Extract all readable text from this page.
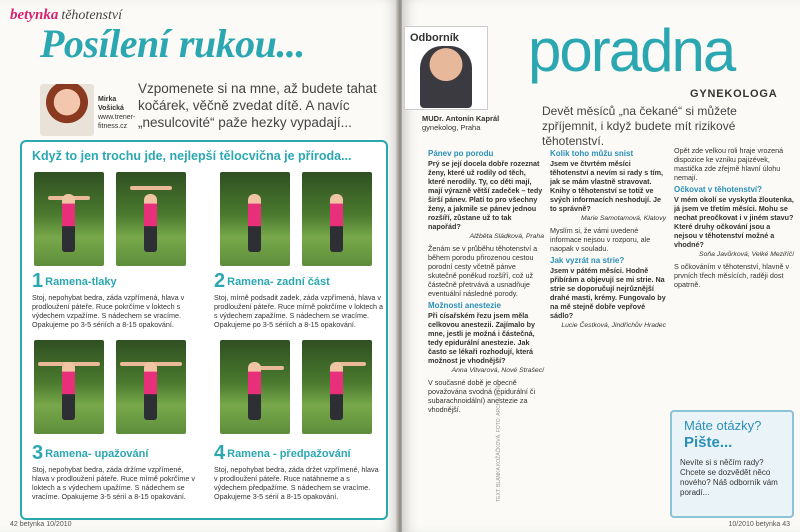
betynka těhotenství
Posílení rukou...
Mirka Vošická
www.trener-fitness.cz
Vzpomenete si na mne, až budete tahat kočárek, věčně zvedat dítě. A navíc „nesulcovité“ paže hezky vypadají...
Když to jen trochu jde, nejlepší tělocvičnа je příroda...
1 Ramena-tlaky
Stoj, nepohybat bedra, záda vzpřímená, hlava v prodloužení páteře. Ruce pokrčíme v loktech s výdechem vzpažíme. S nádechem se vracíme. Opakujeme po 3-5 sériích a 8-15 opakování.
2 Ramena- zadní část
Stoj, mírně podsadit zadek, záda vzpřímená, hlava v prodloužení páteře. Ruce mírně pokrčíme v loktech a s výdechem zapažíme. S nádechem se vracíme. Opakujeme po 3-5 sériích a 8-15 opakování.
3 Ramena- upažování
Stoj, nepohybat bedra, záda držíme vzpřímené, hlava v prodloužení páteře. Ruce mírně pokrčíme v loktech a s výdechem upažíme. S nádechem se vracíme. Opakujeme 3-5 sérií a 8-15 opakování.
4 Ramena - předpažování
Stoj, nepohybat bedra, záda držet vzpřímené, hlava v prodloužení páteře. Ruce natáhneme a s výdechem předpažíme. S nádechem se vracíme. Opakujeme 3-5 sérií a 8-15 opakování.
42 betynka 10/2010
Odborník
MUDr. Antonín Kaprál
gynekolog, Praha
poradna
GYNEKOLOGA
Devět měsíců „na čekané“ si můžete zpříjemnit, i když budete mít rizikové těhotenství.
Pánev po porodu
Prý se její docela dobře rozeznat ženy, které už rodily od těch, které nerodily. Ty, co děti mají, mají výrazně větší zadeček – tedy širší pánev. Platí to pro všechny ženy, a jakmile se pánev jednou rozšíří, zůstane už to tak napořád?
Alžběta Sládková, Praha
Ženám se v průběhu těhotenství a během porodu přirozenou cestou porodní cesty včetně pánve skutečně poněkud rozšíří, což už částečně přetrvává a usnadňuje eventuální následné porody.
Možnosti anestezie
Při císařském řezu jsem měla celkovou anestezii. Zajímalo by mne, jestli je možná i částečná, tedy epidurální anestezie. Jak často se lékaři rozhodují, která možnost je vhodnější?
Anna Vitvarová, Nové Strašecí
V současné době je obecně považována svodná (epidurální či subarachnoidální) anestezie za vhodnější.
Kolik toho můžu snist
Jsem ve čtvrtém měsíci těhotenství a nevím si rady s tím, jak se mám vlastně stravovat. Knihy o těhotenství se totiž ve svých informacích neshodují. Je to správně?
Marie Samotamová, Klatovy
Myslím si, že vámi uvedené informace nejsou v rozporu, ale naopak v souladu.
Jak vyzrát na strie?
Jsem v pátém měsíci. Hodně přibírám a objevují se mi strie. Na strie se doporučují nejrůznější drahé masti, krémy. Fungovalo by na mě stejně dobře vepřové sádlo?
Lucie Čestková, Jindřichův Hradec
Opět zde velkou roli hraje vrozená dispozice ke vzniku pajizévek, mastička zde zřejmě hlavní úlohu nemají.
Očkovat v těhotenství?
V mém okolí se vyskytla žloutenka, já jsem ve třetím měsíci. Mohu se nechat preočkovat i v jiném stavu? Které druhy očkování jsou a nejsou v těhotenství možné a vhodné?
Soňa Javůrková, Velké Meziříčí
S očkováním v těhotenství, hlavně v prvních třech měsících, raději dost opatrně.
TEXT: BLANKA KOŽÁČKOVÁ, FOTO: ARCHIV FIRMY	Máte otázky?
Pište...
Nevíte si s něčím rady? Chcete se dozvědět něco nového? Náš odborník vám poradí...
10/2010 betynka 43
